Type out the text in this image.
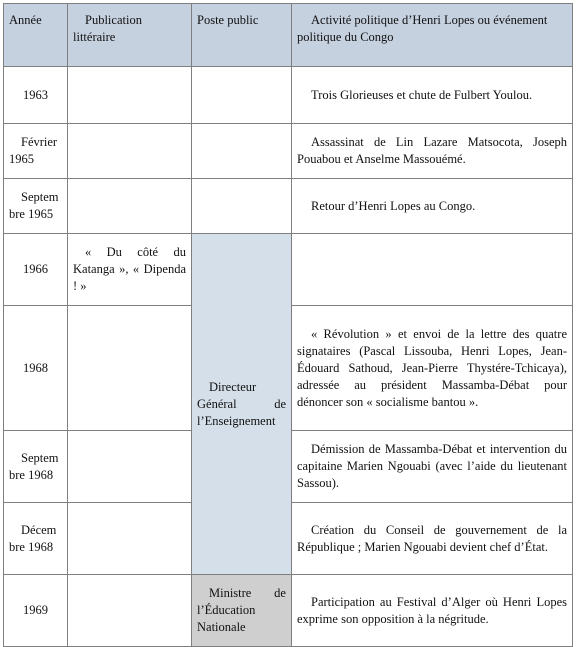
Année	Publication littéraire	Poste public	Activité politique d’Henri Lopes ou événement politique du Congo
1963			Trois Glorieuses et chute de Fulbert Youlou.

Février 1965			Assassinat de Lin Lazare Matsocota, Joseph Pouabou et Anselme Massouémé.

Septembre 1965			Retour d’Henri Lopes au Congo.
1966	« Du côté du Katanga », « Dipenda ! »	Directeur Général de l’Enseignement	
1968			« Révolution » et envoi de la lettre des quatre signataires (Pascal Lissouba, Henri Lopes, Jean-Édouard Sathoud, Jean-Pierre Thystére-Tchicaya), adressée au président Massamba-Débat pour dénoncer son « socialisme bantou ».

Septembre 1968			Démission de Massamba-Débat et intervention du capitaine Marien Ngouabi (avec l’aide du lieutenant Sassou).

Décembre 1968			Création du Conseil de gouvernement de la République ; Marien Ngouabi devient chef d’État.
1969		Ministre de l’Éducation Nationale	Participation au Festival d’Alger où Henri Lopes exprime son opposition à la négritude.
